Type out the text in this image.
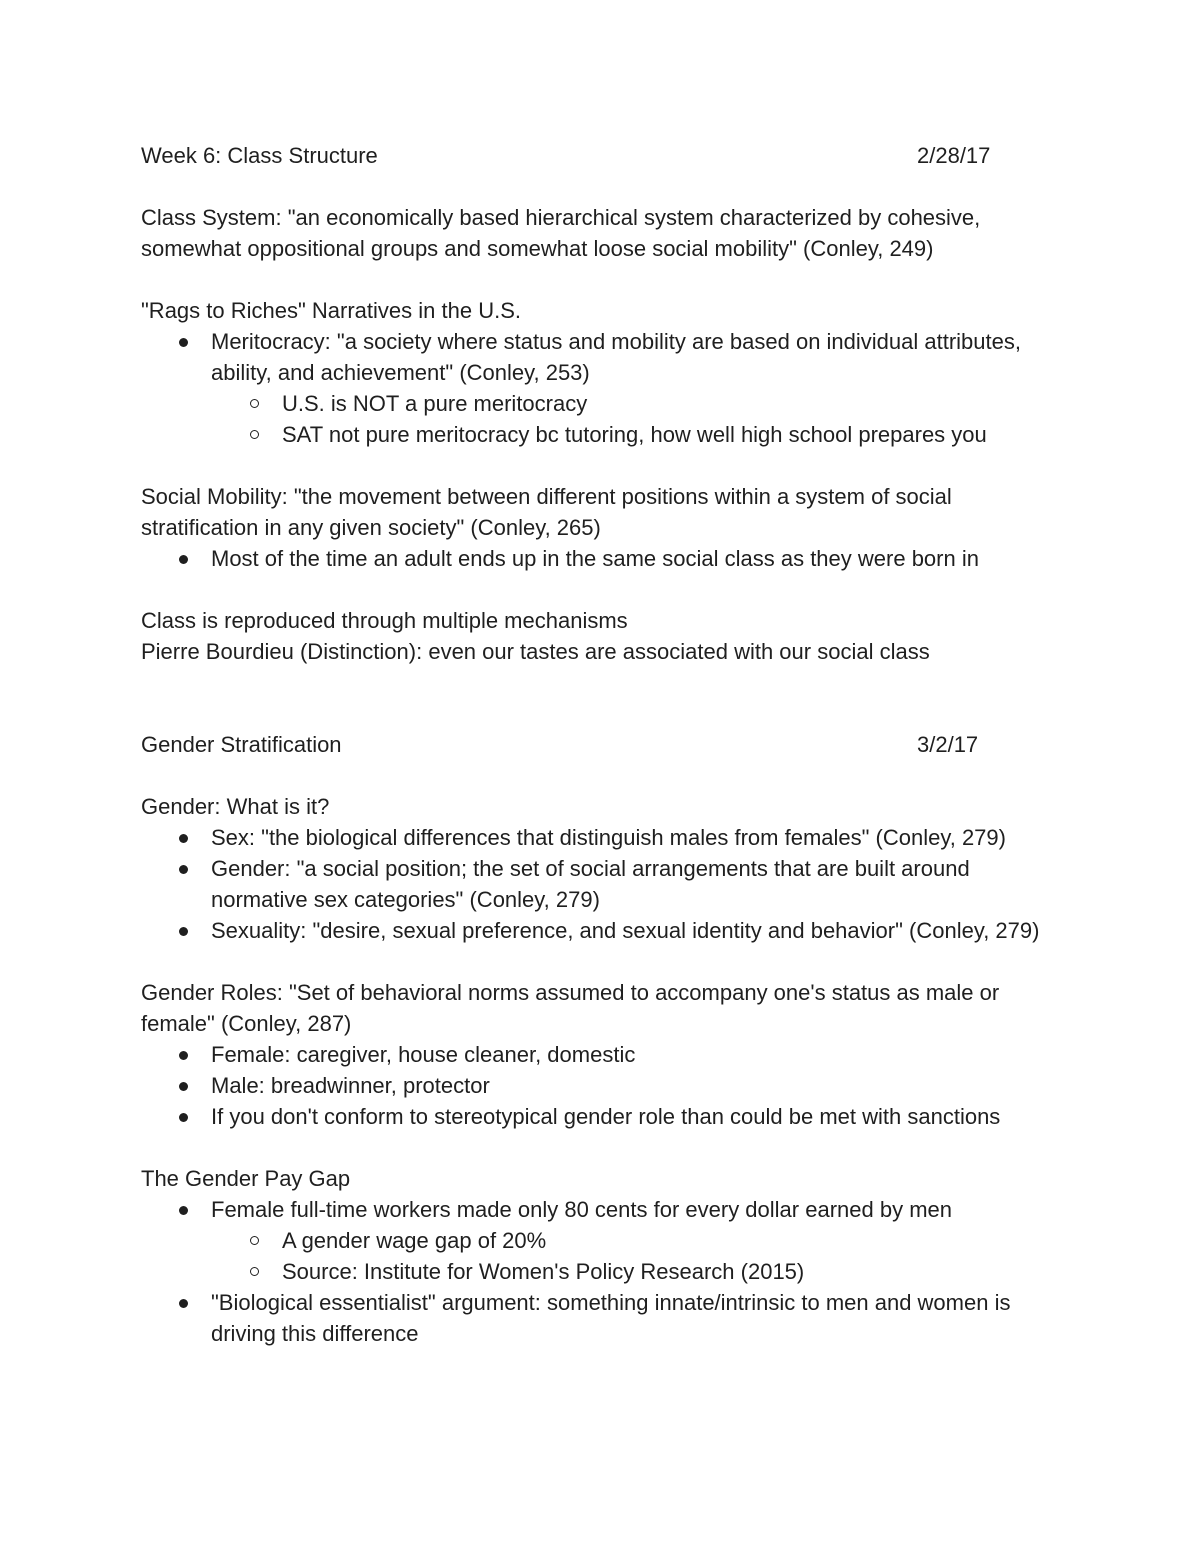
Week 6: Class Structure	2/28/17

Class System: "an economically based hierarchical system characterized by cohesive, somewhat oppositional groups and somewhat loose social mobility" (Conley, 249)

"Rags to Riches" Narratives in the U.S.

Meritocracy: "a society where status and mobility are based on individual attributes, ability, and achievement" (Conley, 253)
U.S. is NOT a pure meritocracy
SAT not pure meritocracy bc tutoring, how well high school prepares you

Social Mobility: "the movement between different positions within a system of social stratification in any given society" (Conley, 265)

Most of the time an adult ends up in the same social class as they were born in

Class is reproduced through multiple mechanisms

Pierre Bourdieu (Distinction): even our tastes are associated with our social class

Gender Stratification	3/2/17

Gender: What is it?

Sex: "the biological differences that distinguish males from females" (Conley, 279)
Gender: "a social position; the set of social arrangements that are built around normative sex categories" (Conley, 279)
Sexuality: "desire, sexual preference, and sexual identity and behavior" (Conley, 279)

Gender Roles: "Set of behavioral norms assumed to accompany one's status as male or female" (Conley, 287)

Female: caregiver, house cleaner, domestic
Male: breadwinner, protector
If you don't conform to stereotypical gender role than could be met with sanctions

The Gender Pay Gap

Female full-time workers made only 80 cents for every dollar earned by men
A gender wage gap of 20%
Source: Institute for Women's Policy Research (2015)
"Biological essentialist" argument: something innate/intrinsic to men and women is driving this difference
